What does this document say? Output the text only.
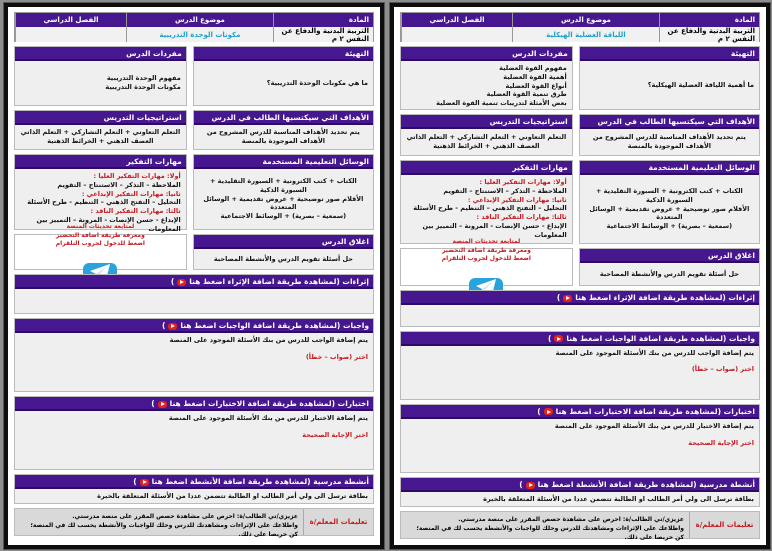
المادة
موضوع الدرس
الفصل الدراسي
التربية البدنية والدفاع عن النفس ٢ م
مكونات الوحدة التدريبية
التهيئة
ما هي مكونات الوحدة التدريبية؟
مفردات الدرس
مفهوم الوحدة التدريبية
مكونات الوحدة التدريبية
الأهداف التي سيكتسبها الطالب في الدرس
يتم تحديد الأهداف المناسبة للدرس المشروح من الأهداف الموجودة بالمنصة
استراتيجيات التدريس
التعلم التعاوني + التعلم التشاركي + التعلم الذاتي
العصف الذهني + الخرائط الذهنية
الوسائل التعليمية المستخدمة
الكتاب + كتب الكترونية + السبورة التقليدية + السبورة الذكية
الأقلام صور توضيحية + عروض تقديمية + الوسائل المتعددة
(سمعية – بصرية) + الوسائط الاجتماعية
مهارات التفكير
أولا: مهارات التفكير العليا :
الملاحظة – التذكر – الاستنتاج – التقويم
ثانيا: مهارات التفكير الإبداعي :
التحليل – التفتح الذهني – التنظيم - طرح الأسئلة
ثالثا: مهارات التفكير الناقد :
الإبداع - حسن الإنصات - المرونة – التمييز بين المعلومات
اغلاق الدرس
حل أسئلة تقويم الدرس والأنشطة المصاحبة
لمتابعة تحديثات المنصة
ومعرفة طريقة اضافة التحضير
اضغط للدخول لجروب التلقرام
إثراءات (لمشاهدة طريقة اضافة الإثراء اضغط هنا)
واجبات (لمشاهدة طريقة اضافة الواجبات اضغط هنا)
يتم إضافة الواجب للدرس من بنك الأسئلة الموجود على المنصة
اختر (صواب – خطأ)
اختبارات (لمشاهدة طريقة اضافة الاختبارات اضغط هنا)
يتم إضافة الاختبار للدرس من بنك الأسئلة الموجود على المنصة
اختر الإجابة الصحيحة
أنشطة مدرسية (لمشاهدة طريقة اضافة الأنشطة اضغط هنا)
بطاقة ترسل الى ولي أمر الطالب او الطالبة تتضمن عددا من الأسئلة المتعلقة بالخبرة
تعليمات المعلم/ة
عزيزي/تي الطالب/ة: احرص على مشاهدة حصص المقرر على منصة مدرستي.
واطلاعك على الإثراءات ومشاهدتك للدرس وحلك للواجبات والأنشطة يحسب لك في المنصة؛ كن حريصا على ذلك.
المادة
موضوع الدرس
الفصل الدراسي
التربية البدنية والدفاع عن النفس ٢ م
اللياقة العضلية الهيكلية
التهيئة
ما أهمية اللياقة العضلية الهيكلية؟
مفردات الدرس
مفهوم القوة العضلية
أهمية القوة العضلية
أنواع القوة العضلية
طرق تنمية القوة العضلية
بعض الأمثلة لتدريبات تنمية القوة العضلية
الأهداف التي سيكتسبها الطالب في الدرس
يتم تحديد الأهداف المناسبة للدرس المشروح من الأهداف الموجودة بالمنصة
استراتيجيات التدريس
التعلم التعاوني + التعلم التشاركي + التعلم الذاتي
العصف الذهني + الخرائط الذهنية
الوسائل التعليمية المستخدمة
الكتاب + كتب الكترونية + السبورة التقليدية + السبورة الذكية
الأقلام صور توضيحية + عروض تقديمية + الوسائل المتعددة
(سمعية – بصرية) + الوسائط الاجتماعية
مهارات التفكير
أولا: مهارات التفكير العليا :
الملاحظة – التذكر – الاستنتاج – التقويم
ثانيا: مهارات التفكير الإبداعي :
التحليل – التفتح الذهني – التنظيم - طرح الأسئلة
ثالثا: مهارات التفكير الناقد :
الإبداع - حسن الإنصات - المرونة – التمييز بين المعلومات
اغلاق الدرس
حل أسئلة تقويم الدرس والأنشطة المصاحبة
لمتابعة تحديثات المنصة
ومعرفة طريقة اضافة التحضير
اضغط للدخول لجروب التلقرام
إثراءات (لمشاهدة طريقة اضافة الإثراء اضغط هنا)
واجبات (لمشاهدة طريقة اضافة الواجبات اضغط هنا)
يتم إضافة الواجب للدرس من بنك الأسئلة الموجود على المنصة
اختر (صواب – خطأ)
اختبارات (لمشاهدة طريقة اضافة الاختبارات اضغط هنا)
يتم إضافة الاختبار للدرس من بنك الأسئلة الموجود على المنصة
اختر الإجابة الصحيحة
أنشطة مدرسية (لمشاهدة طريقة اضافة الأنشطة اضغط هنا)
بطاقة ترسل الى ولي أمر الطالب او الطالبة تتضمن عددا من الأسئلة المتعلقة بالخبرة
تعليمات المعلم/ة
عزيزي/تي الطالب/ة: احرص على مشاهدة حصص المقرر على منصة مدرستي.
واطلاعك على الإثراءات ومشاهدتك للدرس وحلك للواجبات والأنشطة يحسب لك في المنصة؛ كن حريصا على ذلك.
